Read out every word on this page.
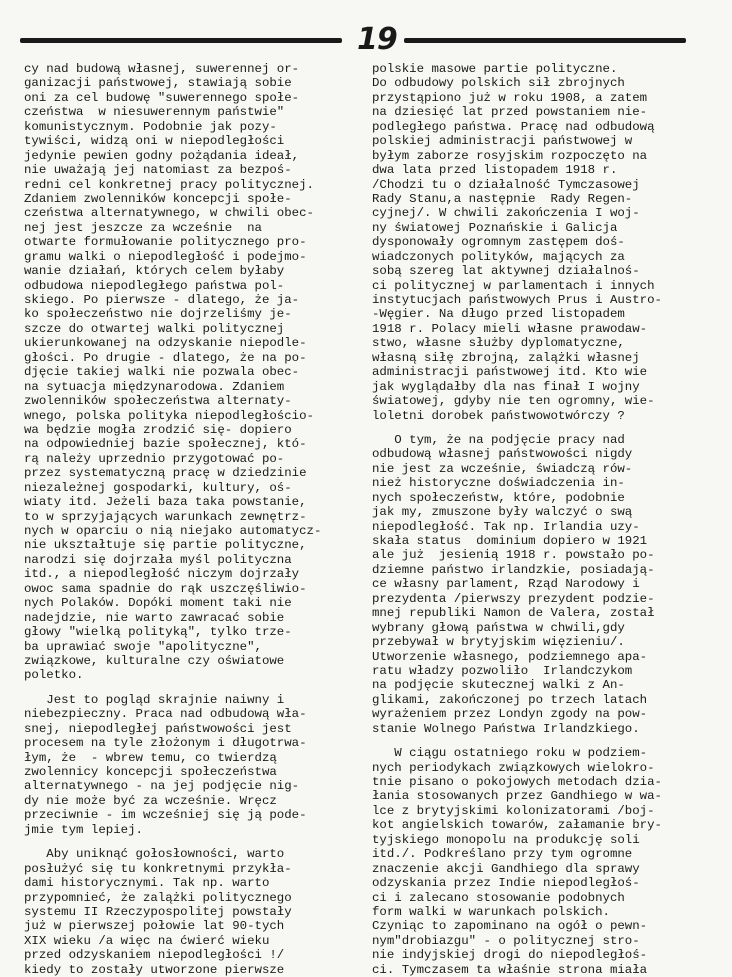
19
cy nad budową własnej, suwerennej or-
ganizacji państwowej, stawiają sobie
oni za cel budowę "suwerennego społe-
czeństwa  w niesuwerennym państwie"
komunistycznym. Podobnie jak pozy-
tywiści, widzą oni w niepodległości
jedynie pewien godny pożądania ideał,
nie uważają jej natomiast za bezpoś-
redni cel konkretnej pracy politycznej.
Zdaniem zwolenników koncepcji społe-
czeństwa alternatywnego, w chwili obec-
nej jest jeszcze za wcześnie  na
otwarte formułowanie politycznego pro-
gramu walki o niepodległość i podejmo-
wanie działań, których celem byłaby
odbudowa niepodległego państwa pol-
skiego. Po pierwsze - dlatego, że ja-
ko społeczeństwo nie dojrzeliśmy je-
szcze do otwartej walki politycznej
ukierunkowanej na odzyskanie niepodle-
głości. Po drugie - dlatego, że na po-
djęcie takiej walki nie pozwala obec-
na sytuacja międzynarodowa. Zdaniem
zwolenników społeczeństwa alternaty-
wnego, polska polityka niepodległościo-
wa będzie mogła zrodzić się- dopiero
na odpowiedniej bazie społecznej, któ-
rą należy uprzednio przygotować po-
przez systematyczną pracę w dziedzinie
niezależnej gospodarki, kultury, oś-
wiaty itd. Jeżeli baza taka powstanie,
to w sprzyjających warunkach zewnętrz-
nych w oparciu o nią niejako automatycz-
nie ukształtuje się partie polityczne,
narodzi się dojrzała myśl polityczna
itd., a niepodległość niczym dojrzały
owoc sama spadnie do rąk uszczęśliwio-
nych Polaków. Dopóki moment taki nie
nadejdzie, nie warto zawracać sobie
głowy "wielką polityką", tylko trze-
ba uprawiać swoje "apolityczne",
związkowe, kulturalne czy oświatowe
poletko.
Jest to pogląd skrajnie naiwny i
niebezpieczny. Praca nad odbudową wła-
snej, niepodległej państwowości jest
procesem na tyle złożonym i długotrwa-
łym, że  - wbrew temu, co twierdzą
zwolennicy koncepcji społeczeństwa
alternatywnego - na jej podjęcie nig-
dy nie może być za wcześnie. Wręcz
przeciwnie - im wcześniej się ją pode-
jmie tym lepiej.
Aby uniknąć gołosłowności, warto
posłużyć się tu konkretnymi przykła-
dami historycznymi. Tak np. warto
przypomnieć, że zalążki politycznego
systemu II Rzeczypospolitej powstały
już w pierwszej połowie lat 90-tych
XIX wieku /a więc na ćwierć wieku
przed odzyskaniem niepodległości !/
kiedy to zostały utworzone pierwsze
polskie masowe partie polityczne.
Do odbudowy polskich sił zbrojnych
przystąpiono już w roku 1908, a zatem
na dziesięć lat przed powstaniem nie-
podległego państwa. Pracę nad odbudową
polskiej administracji państwowej w
byłym zaborze rosyjskim rozpoczęto na
dwa lata przed listopadem 1918 r.
/Chodzi tu o działalność Tymczasowej
Rady Stanu,a następnie  Rady Regen-
cyjnej/. W chwili zakończenia I woj-
ny światowej Poznańskie i Galicja
dysponowały ogromnym zastępem doś-
wiadczonych polityków, mających za
sobą szereg lat aktywnej działalnoś-
ci politycznej w parlamentach i innych
instytucjach państwowych Prus i Austro-
-Węgier. Na długo przed listopadem
1918 r. Polacy mieli własne prawodaw-
stwo, własne służby dyplomatyczne,
własną siłę zbrojną, zalążki własnej
administracji państwowej itd. Kto wie
jak wyglądałby dla nas finał I wojny
światowej, gdyby nie ten ogromny, wie-
loletni dorobek państwowotwórczy ?
O tym, że na podjęcie pracy nad
odbudową własnej państwowości nigdy
nie jest za wcześnie, świadczą rów-
nież historyczne doświadczenia in-
nych społeczeństw, które, podobnie
jak my, zmuszone były walczyć o swą
niepodległość. Tak np. Irlandia uzy-
skała status  dominium dopiero w 1921
ale już  jesienią 1918 r. powstało po-
dziemne państwo irlandzkie, posiadają-
ce własny parlament, Rząd Narodowy i
prezydenta /pierwszy prezydent podzie-
mnej republiki Namon de Valera, został
wybrany głową państwa w chwili,gdy
przebywał w brytyjskim więzieniu/.
Utworzenie własnego, podziemnego apa-
ratu władzy pozwoliło  Irlandczykom
na podjęcie skutecznej walki z An-
glikami, zakończonej po trzech latach
wyrażeniem przez Londyn zgody na pow-
stanie Wolnego Państwa Irlandzkiego.
W ciągu ostatniego roku w podziem-
nych periodykach związkowych wielokro-
tnie pisano o pokojowych metodach dzia-
łania stosowanych przez Gandhiego w wa-
lce z brytyjskimi kolonizatorami /boj-
kot angielskich towarów, załamanie bry-
tyjskiego monopolu na produkcję soli
itd./. Podkreślano przy tym ogromne
znaczenie akcji Gandhiego dla sprawy
odzyskania przez Indie niepodległoś-
ci i zalecano stosowanie podobnych
form walki w warunkach polskich.
Czyniąc to zapominano na ogół o pewn-
nym"drobiazgu" - o politycznej stro-
nie indyjskiej drogi do niepodległoś-
ci. Tymczasem ta właśnie strona miała
